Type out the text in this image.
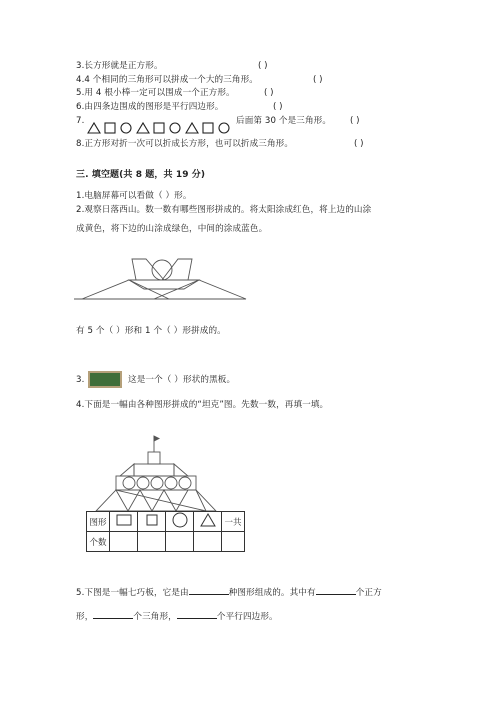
3.长方形就是正方形。	( )
4.4 个相同的三角形可以拼成一个大的三角形。	( )
5.用 4 根小棒一定可以围成一个正方形。	( )
6.由四条边围成的图形是平行四边形。	( )
7.	后面第 30 个是三角形。 ( )
8.正方形对折一次可以折成长方形，也可以折成三角形。	( )
三. 填空题(共 8 题，共 19 分)
1.电脑屏幕可以看做（ ）形。
2.观察日落西山。数一数有哪些图形拼成的。将太阳涂成红色，将上边的山涂
成黄色，将下边的山涂成绿色，中间的涂成蓝色。
有 5 个（ ）形和 1 个（ ）形拼成的。
3.	这是一个（ ）形状的黑板。
4.下面是一幅由各种图形拼成的“坦克”图。先数一数，再填一填。
图形					一共
个数					
5.下图是一幅七巧板，它是由	种图形组成的。其中有	个正方
形，	个三角形，	个平行四边形。
